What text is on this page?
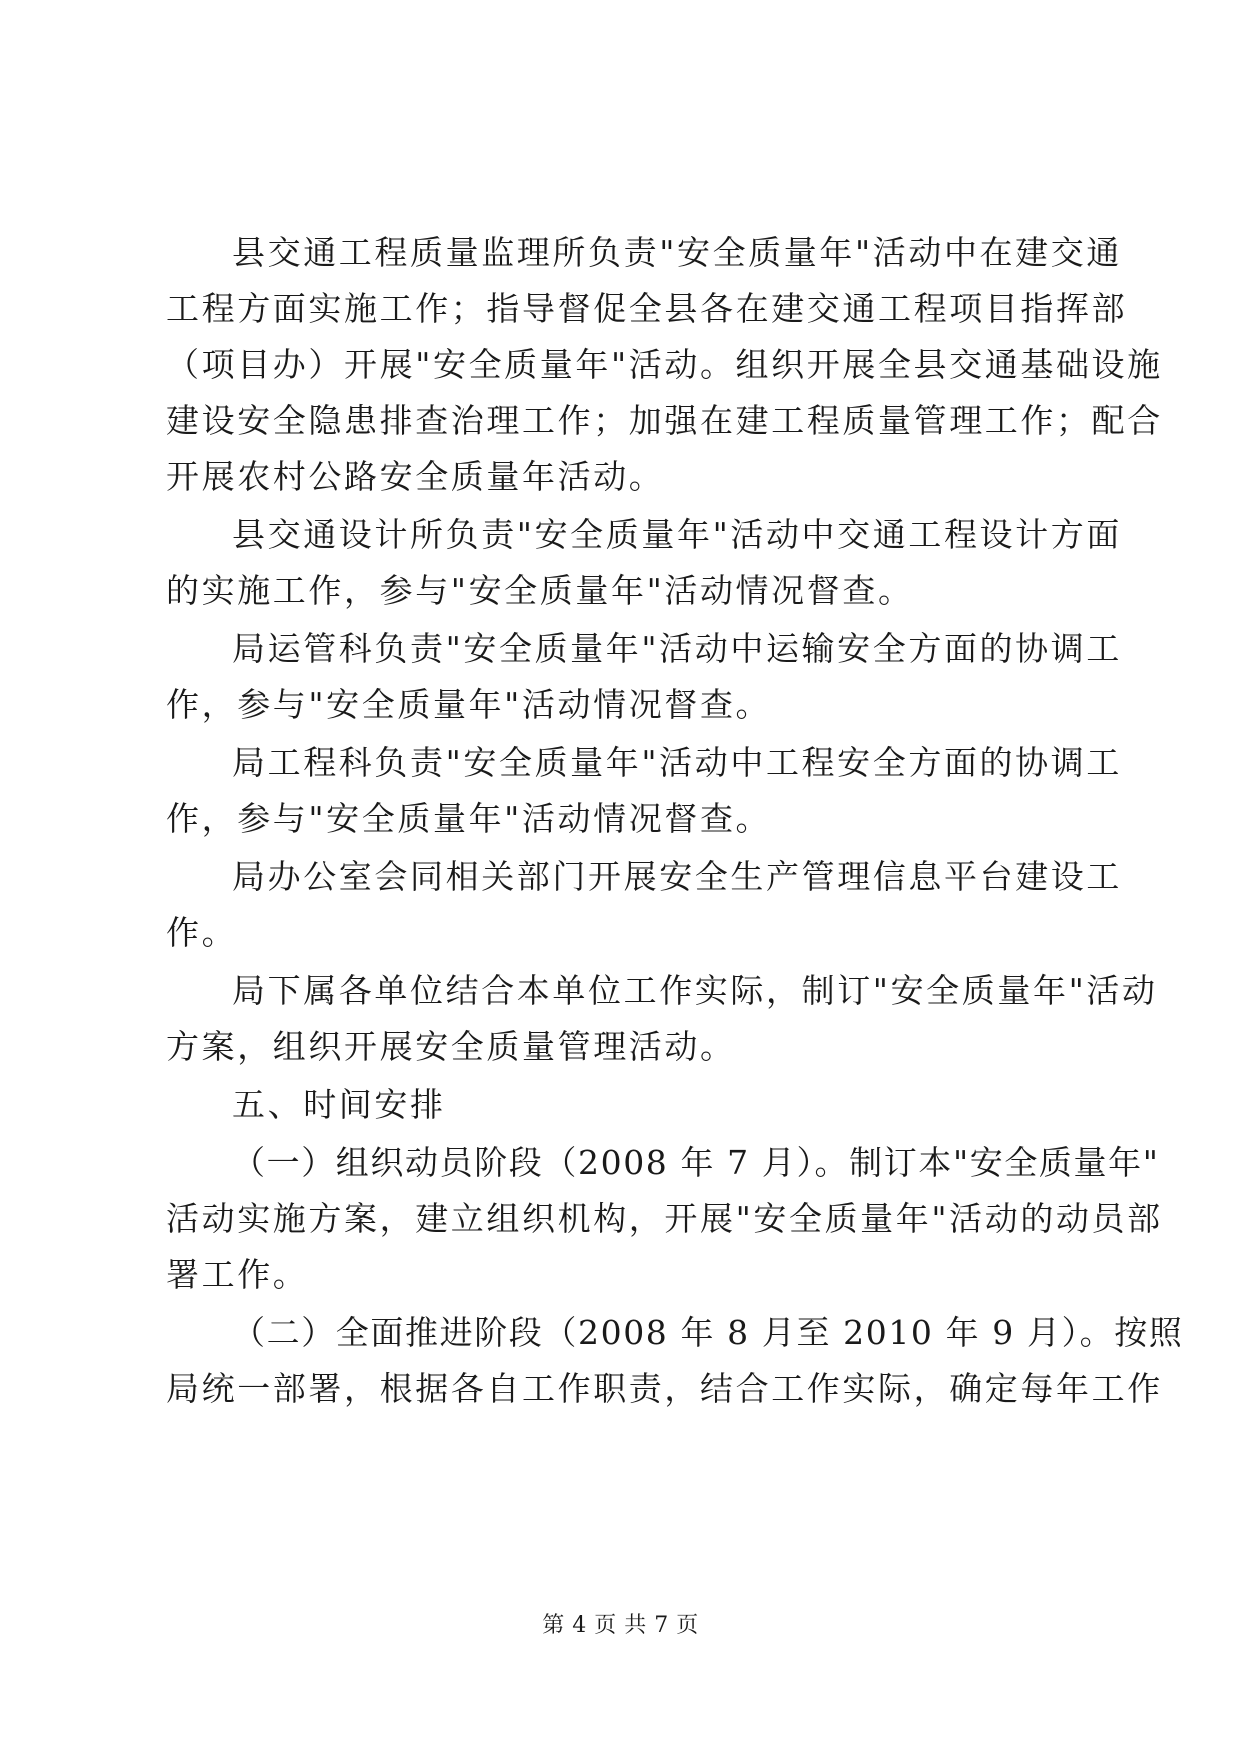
县交通工程质量监理所负责"安全质量年"活动中在建交通
工程方面实施工作；指导督促全县各在建交通工程项目指挥部
（项目办）开展"安全质量年"活动。组织开展全县交通基础设施
建设安全隐患排查治理工作；加强在建工程质量管理工作；配合
开展农村公路安全质量年活动。
县交通设计所负责"安全质量年"活动中交通工程设计方面
的实施工作，参与"安全质量年"活动情况督查。
局运管科负责"安全质量年"活动中运输安全方面的协调工
作，参与"安全质量年"活动情况督查。
局工程科负责"安全质量年"活动中工程安全方面的协调工
作，参与"安全质量年"活动情况督查。
局办公室会同相关部门开展安全生产管理信息平台建设工
作。
局下属各单位结合本单位工作实际，制订"安全质量年"活动
方案，组织开展安全质量管理活动。
五、时间安排
（一）组织动员阶段（2008 年 7 月）。制订本"安全质量年"
活动实施方案，建立组织机构，开展"安全质量年"活动的动员部
署工作。
（二）全面推进阶段（2008 年 8 月至 2010 年 9 月）。按照
局统一部署，根据各自工作职责，结合工作实际，确定每年工作
第 4 页 共 7 页
